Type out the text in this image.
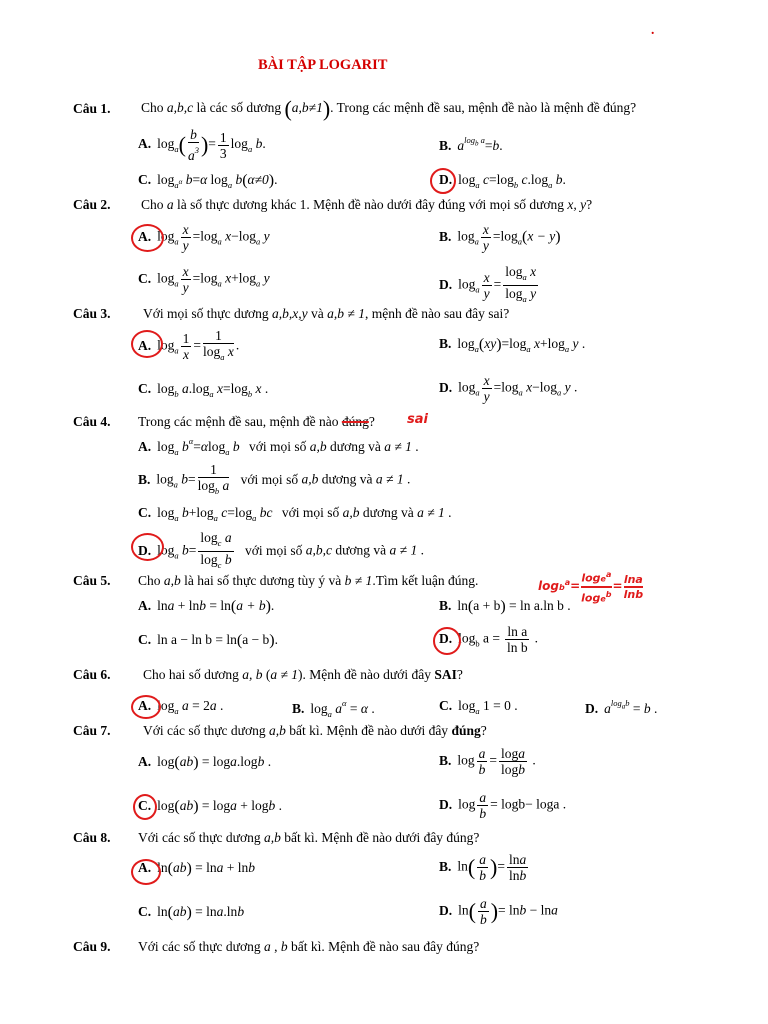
BÀI TẬP LOGARIT
.
Câu 1. Cho a,b,c là các số dương (a,b≠1). Trong các mệnh đề sau, mệnh đề nào là mệnh đề đúng?
A. $\log_a( \frac{b}{a^3}$ )= $\frac{1}{3} \log_a b$.	B. $a^{log_b a}=b$.
C. $\log_{a^\alpha} b=\alpha$ $\log_a b(\alpha\ne 0)$.	D. $\log_a c=\log_b$ $c.\log_a$ b.
Câu 2. Cho a là số thực dương khác 1. Mệnh đề nào dưới đây đúng với mọi số dương x, y?
A. $\log_a \frac{x}{y} =\log_a$ $x-\log_a$ y	B. $\log_a \frac{x}{y} =\log_a(x - y)$
C. $\log_a \frac{x}{y} =\log_a$ $x+\log_a$ y	D. $\log_a \frac{x}{y} = \frac{\log_a x}{\log_a y}$
Câu 3. Với mọi số thực dương a,b,x,y và a,b ≠ 1, mệnh đề nào sau đây sai?
A. $\log_a \frac{1}{x} = \frac{1}{\log_a x}$ .	B. $\log_a(xy)=\log_a$ $x+\log_a$ y .
C. $\log_b a.\log_a$ $x=\log_b$ x .	D. $\log_a \frac{x}{y} =\log_a$ $x-\log_a$ y .
Câu 4. Trong các mệnh đề sau, mệnh đề nào đúng? sai
A. $\log_a b^\alpha=\alpha\log_a$ b với mọi số a,b dương và a ≠ 1 .
B. $\log_a b= \frac{1}{\log_b a}$ với mọi số a,b dương và a ≠ 1 .
C. $\log_a b+\log_a$ $c=\log_a$ bc với mọi số a,b dương và a ≠ 1 .
D. $\log_a b= \frac{\log_c a}{\log_c b}$ với mọi số a,b,c dương và a ≠ 1 .
Câu 5. Cho a,b là hai số thực dương tùy ý và b ≠ 1.Tìm kết luận đúng.	$\log b^a= \frac{\log e^a}{\log e^b} = \frac{\ln a}{\ln b}$
A. lna + lnb = ln(a + b).	B. ln(a + b) = ln a.ln b .
C. ln a − ln b = ln(a − b).	D. $\log_b a = \frac{\text{ln a}}{\text{ln b}}$ .
Câu 6. Cho hai số dương a, b (a ≠ 1). Mệnh đề nào dưới đây SAI?
A. $\log_a a = 2a$ .	B. $\log_a a^\alpha = \alpha$ .	C. $\log_a 1 = 0$ .	D. $a^{log_ab} = b$ .
Câu 7. Với các số thực dương a,b bất kì. Mệnh đề nào dưới đây đúng?
A. log(ab) = loga.logb .	B. $\log \frac{a}{b} = \frac{\log a}{\log b}$ .
C. log(ab) = loga + logb .	D. $\log \frac{a}{b} = \log b- \log a$ .
Câu 8. Với các số thực dương a,b bất kì. Mệnh đề nào dưới đây đúng?
A. ln(ab) = lna + lnb	B. $\ln( \frac{a}{b}$ )= $\frac{\ln a}{\ln b}$
C. ln(ab) = lna.lnb	D. $\ln( \frac{a}{b}$ )= lnb − lna
Câu 9. Với các số thực dương a , b bất kì. Mệnh đề nào sau đây đúng?
